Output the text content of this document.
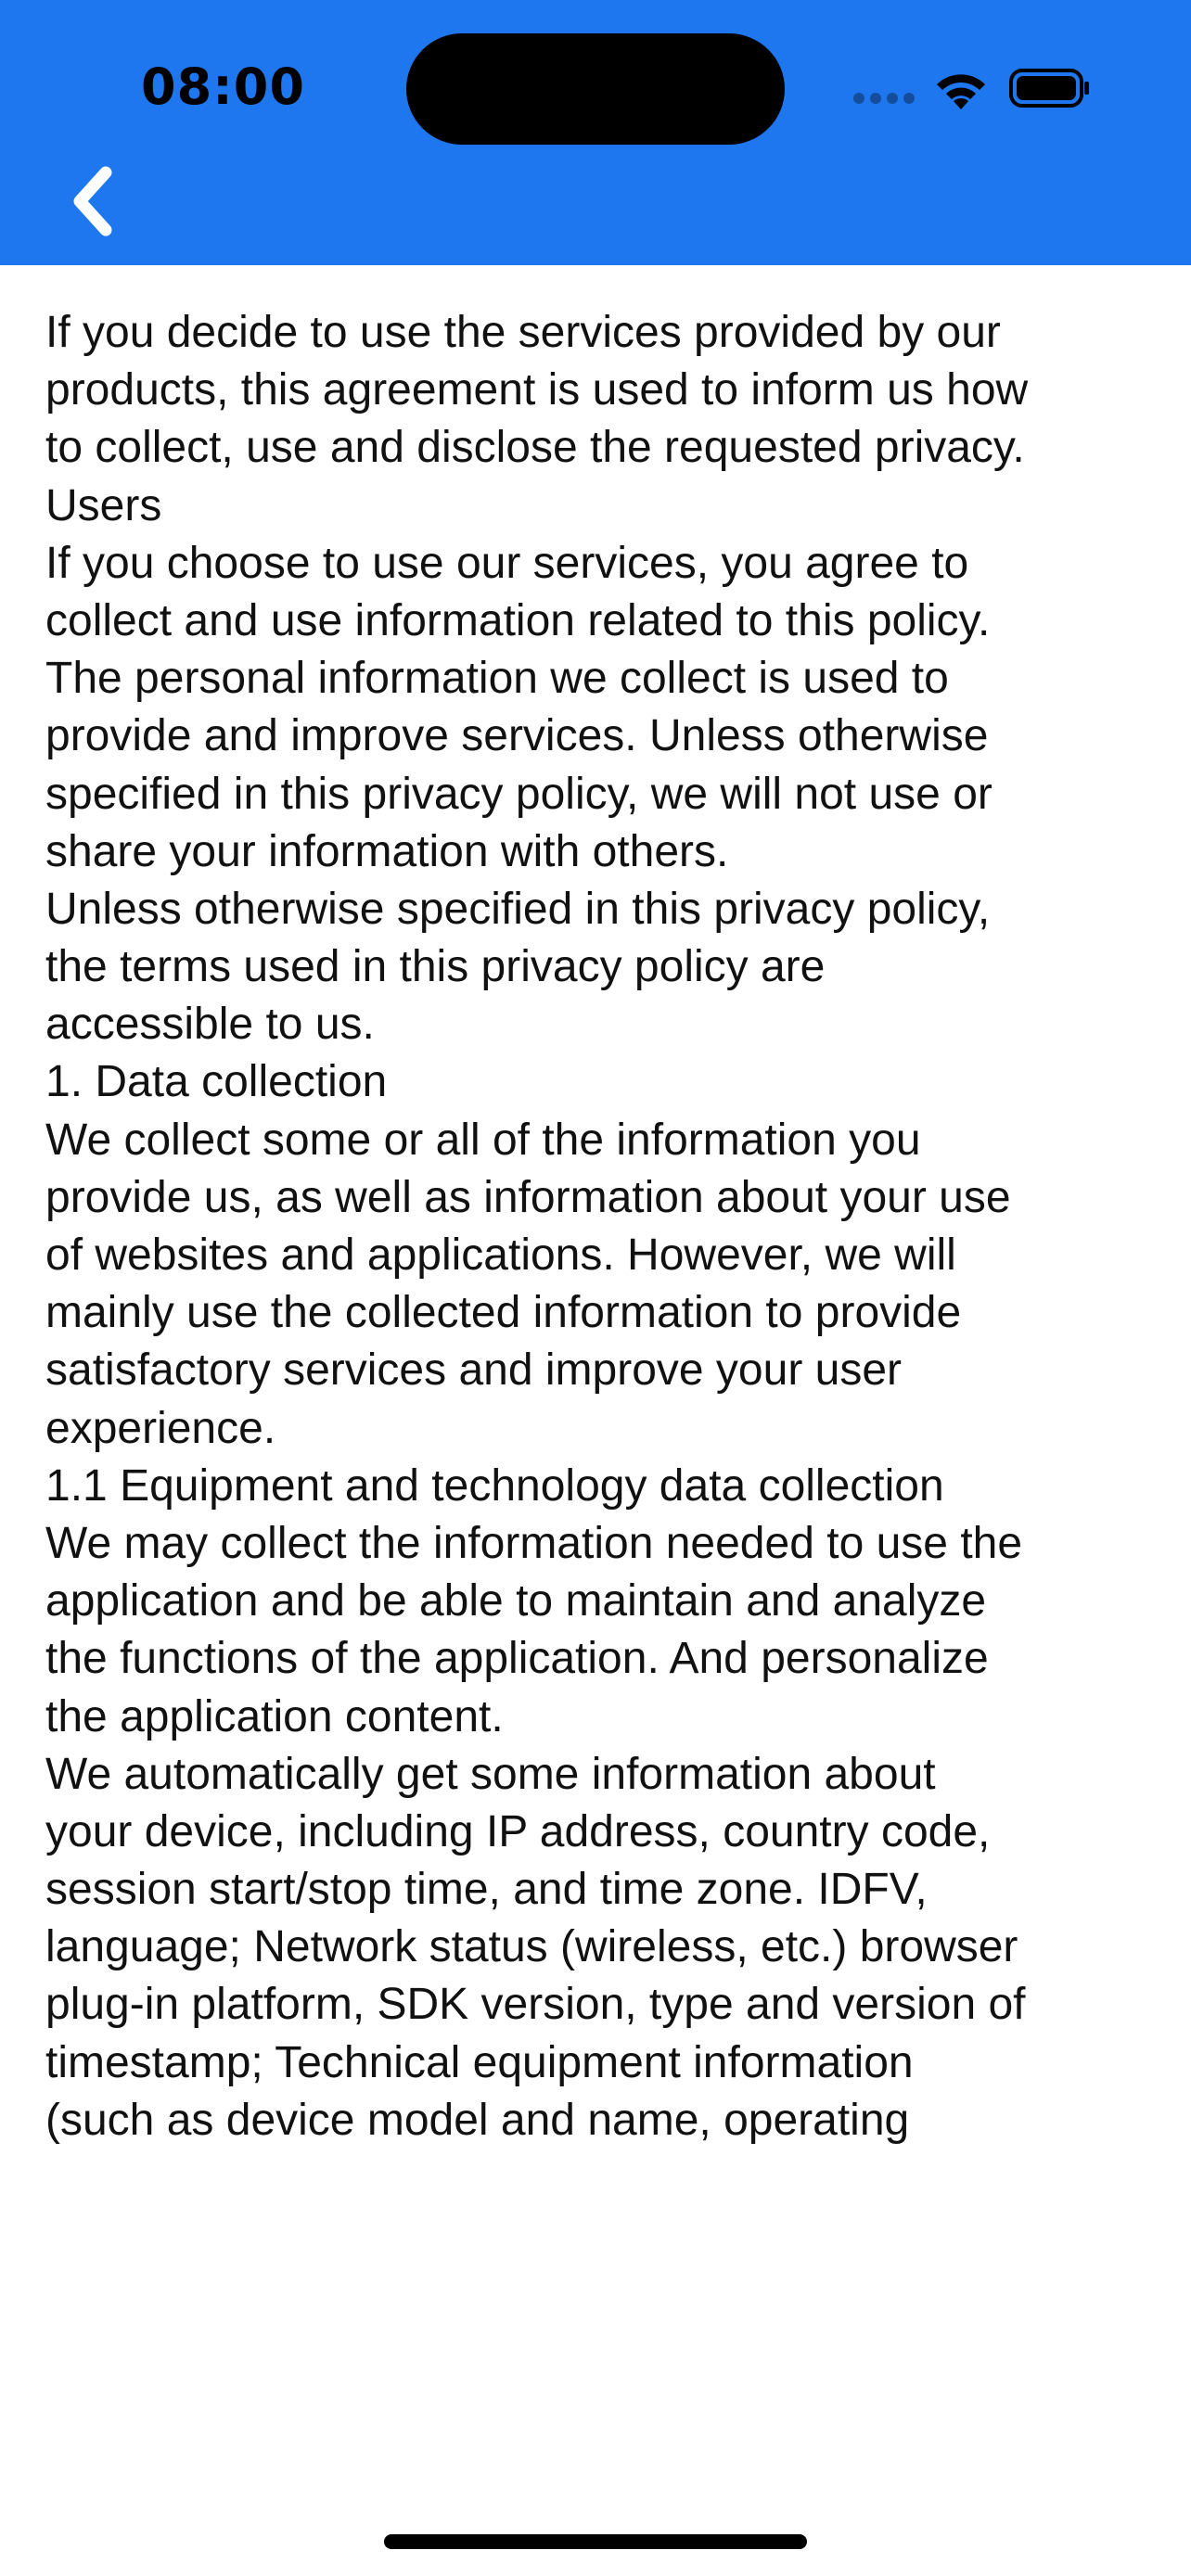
08:00
If you decide to use the services provided by our
products, this agreement is used to inform us how
to collect, use and disclose the requested privacy.
Users
If you choose to use our services, you agree to
collect and use information related to this policy.
The personal information we collect is used to
provide and improve services. Unless otherwise
specified in this privacy policy, we will not use or
share your information with others.
Unless otherwise specified in this privacy policy,
the terms used in this privacy policy are
accessible to us.
1. Data collection
We collect some or all of the information you
provide us, as well as information about your use
of websites and applications. However, we will
mainly use the collected information to provide
satisfactory services and improve your user
experience.
1.1 Equipment and technology data collection
We may collect the information needed to use the
application and be able to maintain and analyze
the functions of the application. And personalize
the application content.
We automatically get some information about
your device, including IP address, country code,
session start/stop time, and time zone. IDFV,
language; Network status (wireless, etc.) browser
plug-in platform, SDK version, type and version of
timestamp; Technical equipment information
(such as device model and name, operating
